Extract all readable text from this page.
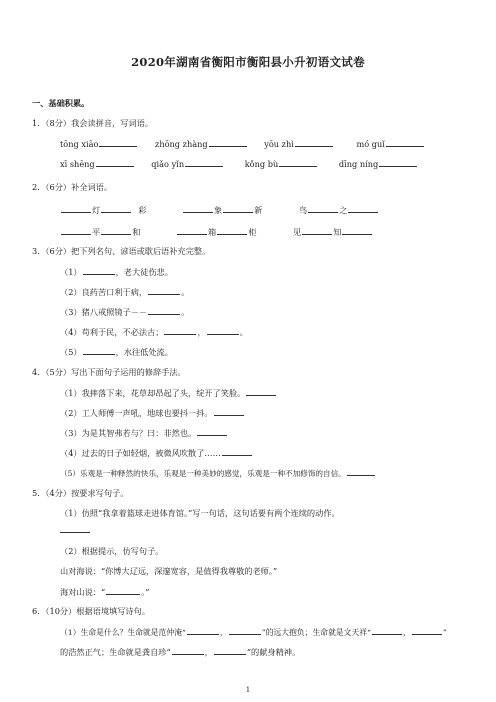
2020年湖南省衡阳市衡阳县小升初语文试卷
一、基础积累。
1．（8分）我会读拼音，写词语。
tōng xiāo	zhōng zhàng	yōu zhì	mó guǐ
xī shēng	qiǎo yǐn	kǒng bù	dīng níng
2．（6分）补全词语。
灯	彩	象	新	鸟	之
平	和	箱	柜	见	知
3．（6分）把下列名句、谚语或歇后语补充完整。
（1）	，老大徒伤悲。
（2）良药苦口利于病，	。
（3）猪八戒照镜子－－	。
（4）苟利于民，不必法古；	，	。
（5）	，水往低处流。
4．（5分）写出下面句子运用的修辞手法。
（1）我摔落下来，花草却昂起了头，绽开了笑脸。
（2）工人师傅一声吼，地球也要抖一抖。
（3）为是其智弗若与？曰：非然也。
（4）过去的日子如轻烟，被微风吹散了……
（5）乐观是一种释然的快乐，乐观是一种美妙的感觉，乐观是一种不加修饰的自信。
5．（4分）按要求写句子。
（1）仿照“我拿着篮球走进体育馆。”写一句话，这句话要有两个连续的动作。
（2）根据提示，仿写句子。
山对海说：“你博大辽远，深邃宽容，是值得我尊敬的老师。”
海对山说：“	。”
6．（10分）根据语境填写诗句。
（1）生命是什么？生命就是范仲淹“	，	”的远大抱负；生命就是文天祥“	，	”
的浩然正气；生命就是龚自珍“	，	”的献身精神。
1
